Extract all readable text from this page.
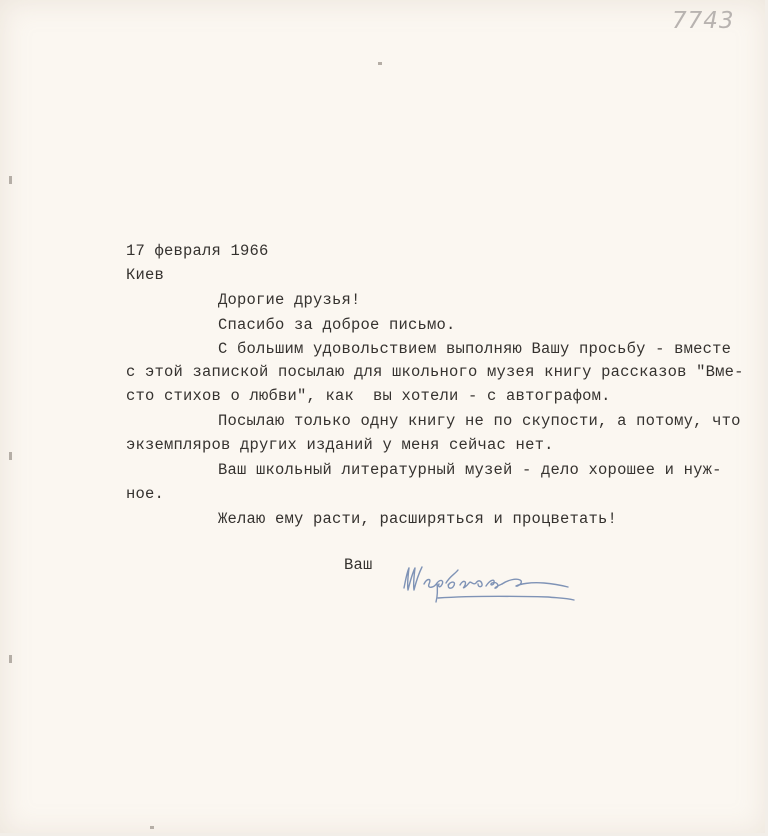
7743
17 февраля 1966
Киев
Дорогие друзья!
Спасибо за доброе письмо.
С большим удовольствием выполняю Вашу просьбу - вместе
с этой запиской посылаю для школьного музея книгу рассказов "Вме-
сто стихов о любви", как  вы хотели - с автографом.
Посылаю только одну книгу не по скупости, а потому, что
экземпляров других изданий у меня сейчас нет.
Ваш школьный литературный музей - дело хорошее и нуж-
ное.
Желаю ему расти, расширяться и процветать!
Ваш
